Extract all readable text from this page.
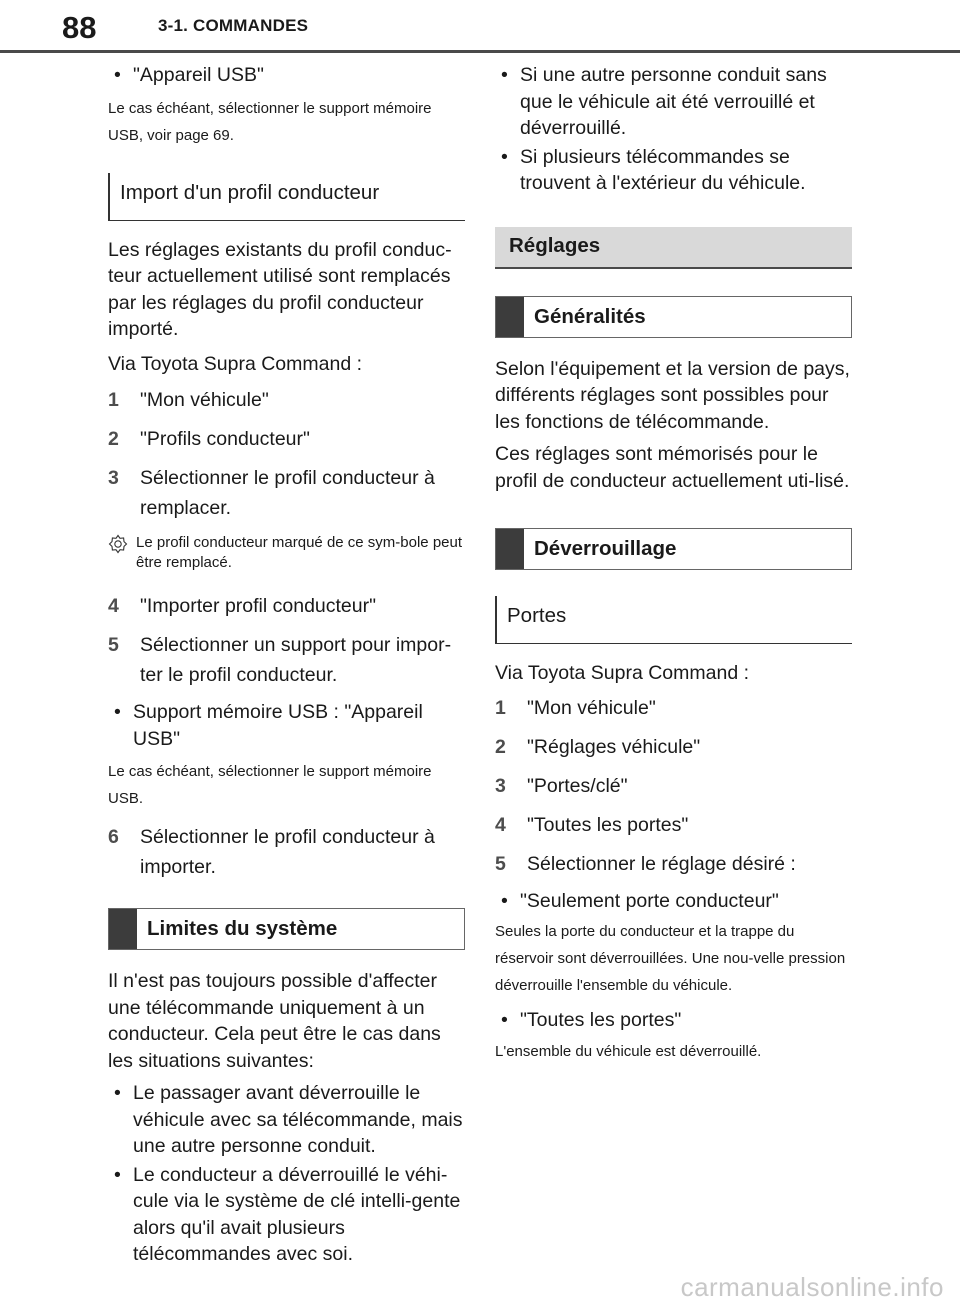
88	3-1. COMMANDES
• "Appareil USB"

Le cas échéant, sélectionner le support mémoire USB, voir page 69.

Import d'un profil conducteur

Les réglages existants du profil conduc-teur actuellement utilisé sont remplacés par les réglages du profil conducteur importé.

Via Toyota Supra Command :

1 "Mon véhicule"
2 "Profils conducteur"
3 Sélectionner le profil conducteur à remplacer.
Le profil conducteur marqué de ce sym-bole peut être remplacé.
4 "Importer profil conducteur"
5 Sélectionner un support pour impor-ter le profil conducteur.
• Support mémoire USB : "Appareil USB"

Le cas échéant, sélectionner le support mémoire USB.

6 Sélectionner le profil conducteur à importer.
Limites du système

Il n'est pas toujours possible d'affecter une télécommande uniquement à un conducteur. Cela peut être le cas dans les situations suivantes:

• Le passager avant déverrouille le véhicule avec sa télécommande, mais une autre personne conduit.
• Le conducteur a déverrouillé le véhi-cule via le système de clé intelli-gente alors qu'il avait plusieurs télécommandes avec soi.
• Si une autre personne conduit sans que le véhicule ait été verrouillé et déverrouillé.
• Si plusieurs télécommandes se trouvent à l'extérieur du véhicule.
Réglages
Généralités

Selon l'équipement et la version de pays, différents réglages sont possibles pour les fonctions de télécommande.

Ces réglages sont mémorisés pour le profil de conducteur actuellement uti-lisé.

Déverrouillage
Portes

Via Toyota Supra Command :

1 "Mon véhicule"
2 "Réglages véhicule"
3 "Portes/clé"
4 "Toutes les portes"
5 Sélectionner le réglage désiré :
• "Seulement porte conducteur"

Seules la porte du conducteur et la trappe du réservoir sont déverrouillées. Une nou-velle pression déverrouille l'ensemble du véhicule.

• "Toutes les portes"

L'ensemble du véhicule est déverrouillé.

carmanualsonline.info
